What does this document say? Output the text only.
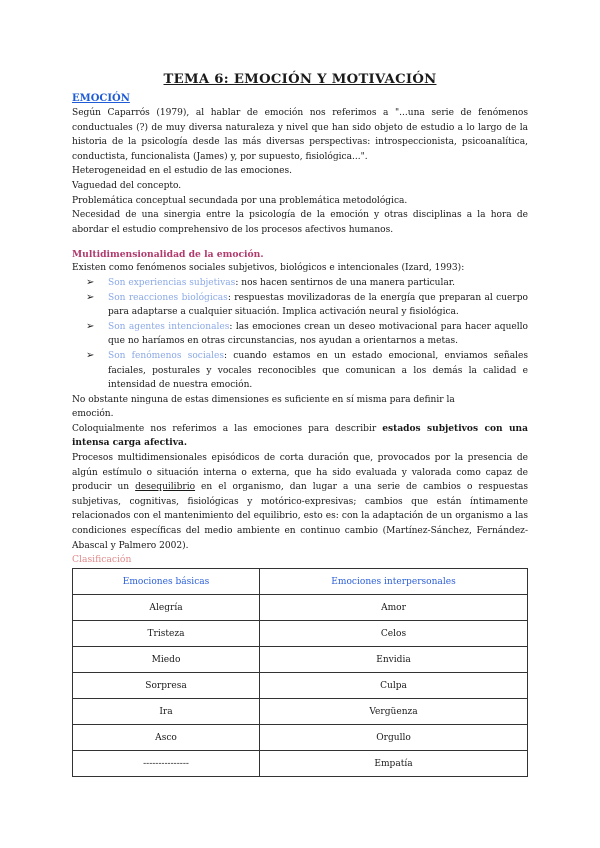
TEMA 6: EMOCIÓN Y MOTIVACIÓN
EMOCIÓN

Según Caparrós (1979), al hablar de emoción nos referimos a "...una serie de fenómenos conductuales (?) de muy diversa naturaleza y nivel que han sido objeto de estudio a lo largo de la historia de la psicología desde las más diversas perspectivas: introspeccionista, psicoanalítica, conductista, funcionalista (James) y, por supuesto, fisiológica...".

Heterogeneidad en el estudio de las emociones.

Vaguedad del concepto.

Problemática conceptual secundada por una problemática metodológica.

Necesidad de una sinergia entre la psicología de la emoción y otras disciplinas a la hora de abordar el estudio comprehensivo de los procesos afectivos humanos.

Multidimensionalidad de la emoción.

Existen como fenómenos sociales subjetivos, biológicos e intencionales (Izard, 1993):

➢ Son experiencias subjetivas: nos hacen sentirnos de una manera particular.
➢ Son reacciones biológicas: respuestas movilizadoras de la energía que preparan al cuerpo para adaptarse a cualquier situación. Implica activación neural y fisiológica.
➢ Son agentes intencionales: las emociones crean un deseo motivacional para hacer aquello que no haríamos en otras circunstancias, nos ayudan a orientarnos a metas.
➢ Son fenómenos sociales: cuando estamos en un estado emocional, enviamos señales faciales, posturales y vocales reconocibles que comunican a los demás la calidad e intensidad de nuestra emoción.

No obstante ninguna de estas dimensiones es suficiente en sí misma para definir la
emoción.

Coloquialmente nos referimos a las emociones para describir estados subjetivos con una intensa carga afectiva.

Procesos multidimensionales episódicos de corta duración que, provocados por la presencia de algún estímulo o situación interna o externa, que ha sido evaluada y valorada como capaz de producir un desequilibrio en el organismo, dan lugar a una serie de cambios o respuestas subjetivas, cognitivas, fisiológicas y motórico-expresivas; cambios que están íntimamente relacionados con el mantenimiento del equilibrio, esto es: con la adaptación de un organismo a las condiciones específicas del medio ambiente en continuo cambio (Martínez-Sánchez, Fernández-Abascal y Palmero 2002).

Clasificación
Emociones básicas	Emociones interpersonales
Alegría	Amor
Tristeza	Celos
Miedo	Envidia
Sorpresa	Culpa
Ira	Vergüenza
Asco	Orgullo
---------------	Empatía
